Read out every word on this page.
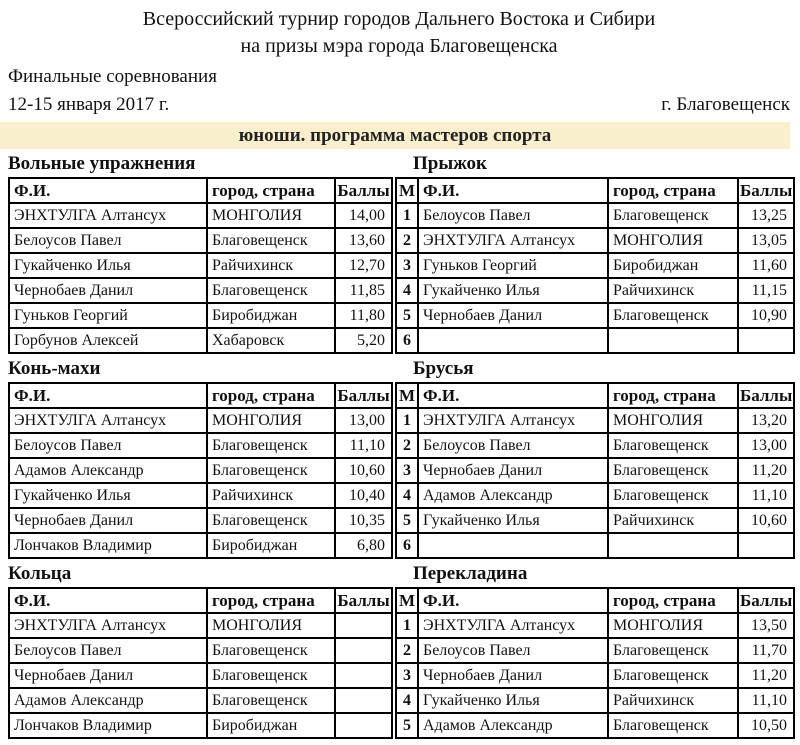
Всероссийский турнир городов Дальнего Востока и Сибири
на призы мэра города Благовещенска
Финальные соревнования
12-15 января 2017 г.	г. Благовещенск
юноши. программа мастеров спорта
Вольные упражнения	Прыжок
Ф.И.	город, страна	Баллы
ЭНХТУЛГА Алтансух	МОНГОЛИЯ	14,00
Белоусов Павел	Благовещенск	13,60
Гукайченко Илья	Райчихинск	12,70
Чернобаев Данил	Благовещенск	11,85
Гуньков Георгий	Биробиджан	11,80
Горбунов Алексей	Хабаровск	5,20
М	Ф.И.	город, страна	Баллы
1	Белоусов Павел	Благовещенск	13,25
2	ЭНХТУЛГА Алтансух	МОНГОЛИЯ	13,05
3	Гуньков Георгий	Биробиджан	11,60
4	Гукайченко Илья	Райчихинск	11,15
5	Чернобаев Данил	Благовещенск	10,90
6			
Конь-махи	Брусья
Ф.И.	город, страна	Баллы
ЭНХТУЛГА Алтансух	МОНГОЛИЯ	13,00
Белоусов Павел	Благовещенск	11,10
Адамов Александр	Благовещенск	10,60
Гукайченко Илья	Райчихинск	10,40
Чернобаев Данил	Благовещенск	10,35
Лончаков Владимир	Биробиджан	6,80
М	Ф.И.	город, страна	Баллы
1	ЭНХТУЛГА Алтансух	МОНГОЛИЯ	13,20
2	Белоусов Павел	Благовещенск	13,00
3	Чернобаев Данил	Благовещенск	11,20
4	Адамов Александр	Благовещенск	11,10
5	Гукайченко Илья	Райчихинск	10,60
6			
Кольца	Перекладина
Ф.И.	город, страна	Баллы
ЭНХТУЛГА Алтансух	МОНГОЛИЯ	
Белоусов Павел	Благовещенск	
Чернобаев Данил	Благовещенск	
Адамов Александр	Благовещенск	
Лончаков Владимир	Биробиджан	
М	Ф.И.	город, страна	Баллы
1	ЭНХТУЛГА Алтансух	МОНГОЛИЯ	13,50
2	Белоусов Павел	Благовещенск	11,70
3	Чернобаев Данил	Благовещенск	11,20
4	Гукайченко Илья	Райчихинск	11,10
5	Адамов Александр	Благовещенск	10,50
